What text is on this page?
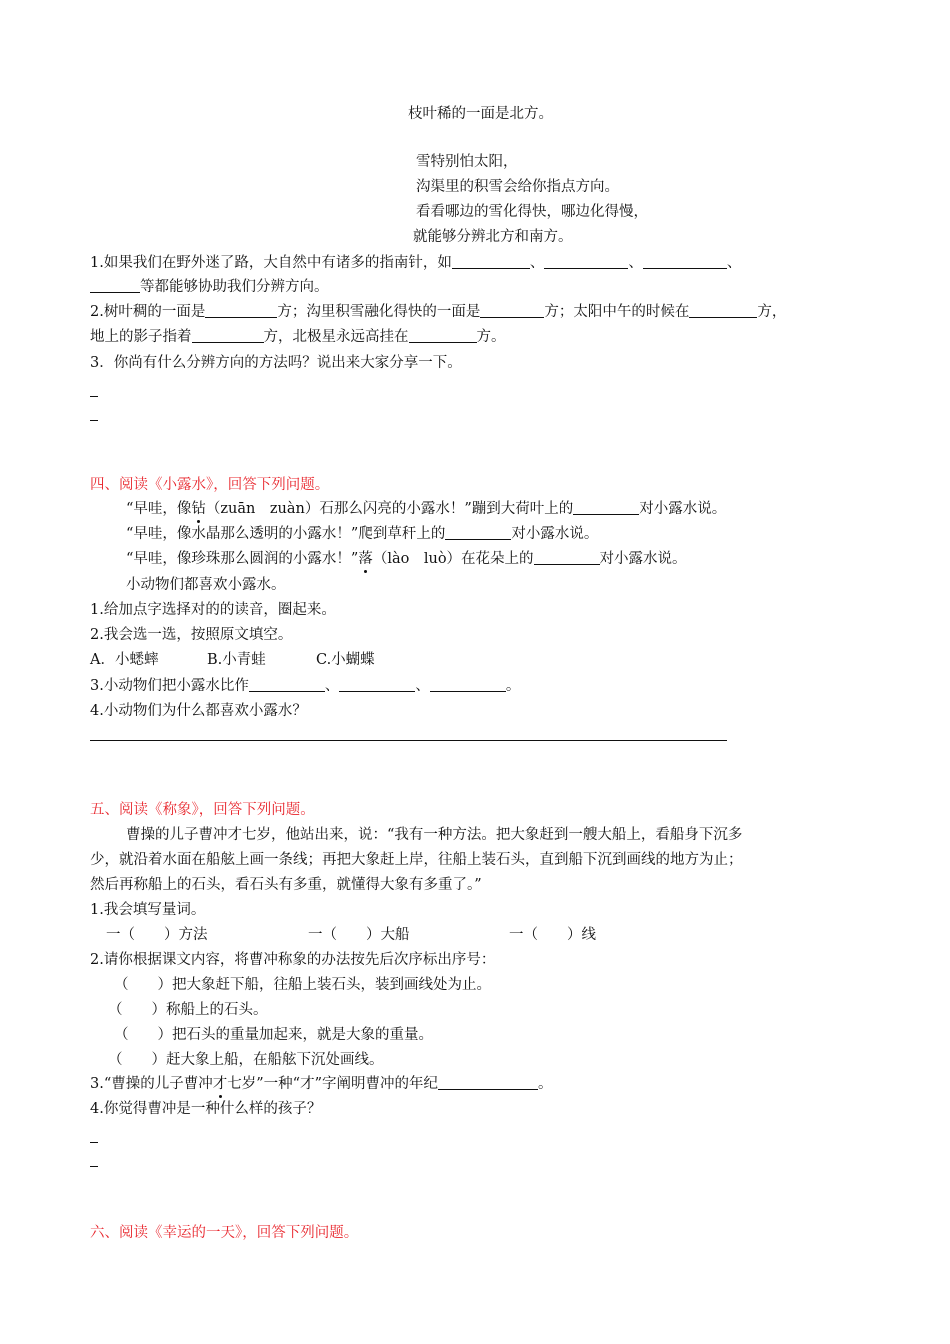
枝叶稀的一面是北方。
雪特别怕太阳，
沟渠里的积雪会给你指点方向。
看看哪边的雪化得快，哪边化得慢，
就能够分辨北方和南方。
1.如果我们在野外迷了路，大自然中有诸多的指南针，如	、	、	、
等都能够协助我们分辨方向。
2.树叶稠的一面是	方；沟里积雪融化得快的一面是	方；太阳中午的时候在	方，
地上的影子指着	方，北极星永远高挂在	方。
3．你尚有什么分辨方向的方法吗？说出来大家分享一下。
四、阅读《小露水》，回答下列问题。
“早哇，像钻（zuān　zuàn）石那么闪亮的小露水！”蹦到大荷叶上的	对小露水说。
“早哇，像水晶那么透明的小露水！”爬到草秆上的	对小露水说。
“早哇，像珍珠那么圆润的小露水！”落（lào　luò）在花朵上的	对小露水说。
小动物们都喜欢小露水。
1.给加点字选择对的的读音，圈起来。
2.我会选一选，按照原文填空。
A．小蟋蟀	B.小青蛙	C.小蝴蝶
3.小动物们把小露水比作	、	、	。
4.小动物们为什么都喜欢小露水？
五、阅读《称象》，回答下列问题。
曹操的儿子曹冲才七岁，他站出来，说：“我有一种方法。把大象赶到一艘大船上，看船身下沉多
少，就沿着水面在船舷上画一条线；再把大象赶上岸，往船上装石头，直到船下沉到画线的地方为止；
然后再称船上的石头，看石头有多重，就懂得大象有多重了。”
1.我会填写量词。
一（　　）方法	一（　　）大船	一（　　）线
2.请你根据课文内容，将曹冲称象的办法按先后次序标出序号：
（　　）把大象赶下船，往船上装石头，装到画线处为止。
（　　）称船上的石头。
（　　）把石头的重量加起来，就是大象的重量。
（　　）赶大象上船，在船舷下沉处画线。
3.“曹操的儿子曹冲才七岁”一种“才”字阐明曹冲的年纪	。
4.你觉得曹冲是一种什么样的孩子？
六、阅读《幸运的一天》，回答下列问题。
